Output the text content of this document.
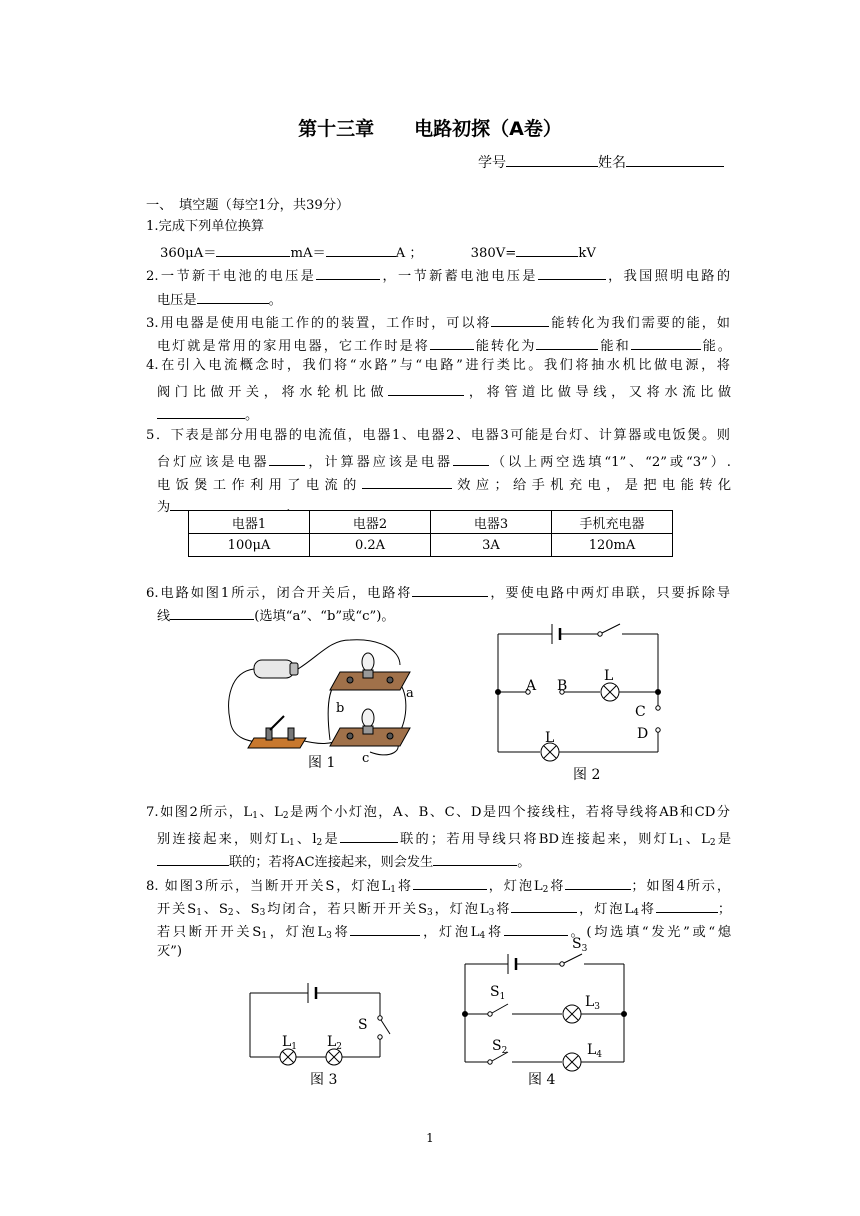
第十三章 电路初探（A卷）
学号	姓名
一、　填空题（每空1分，共39分）
1.完成下列单位换算
360μA＝	mA＝	A ；	380V=	kV
2.一节新干电池的电压是	，一节新蓄电池电压是	，我国照明电路的
电压是	。
3.用电器是使用电能工作的的装置，工作时，可以将	能转化为我们需要的能，如
电灯就是常用的家用电器，它工作时是将	能转化为	能和	能。
4.在引入电流概念时，我们将“水路”与“电路”进行类比。我们将抽水机比做电源，将
阀门比做开关，将水轮机比做	，将管道比做导线，又将水流比做
。
5．下表是部分用电器的电流值，电器1、电器2、电器3可能是台灯、计算器或电饭煲。则
台灯应该是电器	，计算器应该是电器	（以上两空选填“1”、“2”或“3”）.
电饭煲工作利用了电流的	效应；给手机充电，是把电能转化
为	.
电器1	电器2	电器3	手机充电器
100μA	0.2A	3A	120mA
6.电路如图1所示，闭合开关后，电路将	，要使电路中两灯串联，只要拆除导
线	(选填“a”、“b”或“c”)。
a
b
c
图 1
A B
L
C
D
L
图 2
7.如图2所示，$L_1$、$L_2$是两个小灯泡，A、B、C、D是四个接线柱，若将导线将AB和CD分
别连接起来，则灯$L_1$、$l_2$是	联的；若用导线只将BD连接起来，则灯$L_1$、$L_2$是
联的；若将AC连接起来，则会发生	。
8. 如图3所示，当断开开关S，灯泡$L_1$将	，灯泡$L_2$将	；如图4所示，
开关$S_1$、$S_2$、$S_3$均闭合，若只断开开关$S_3$，灯泡$L_3$将	，灯泡$L_4$将	；
若只断开开关$S_1$，灯泡$L_3$将	，灯泡$L_4$将	。(均选填“发光”或“熄
灭”)
S
$L_1$ $L_2$
图 3
$S_3$
$S_1$
$S_2$
$L_3$
$L_4$
图 4
1
